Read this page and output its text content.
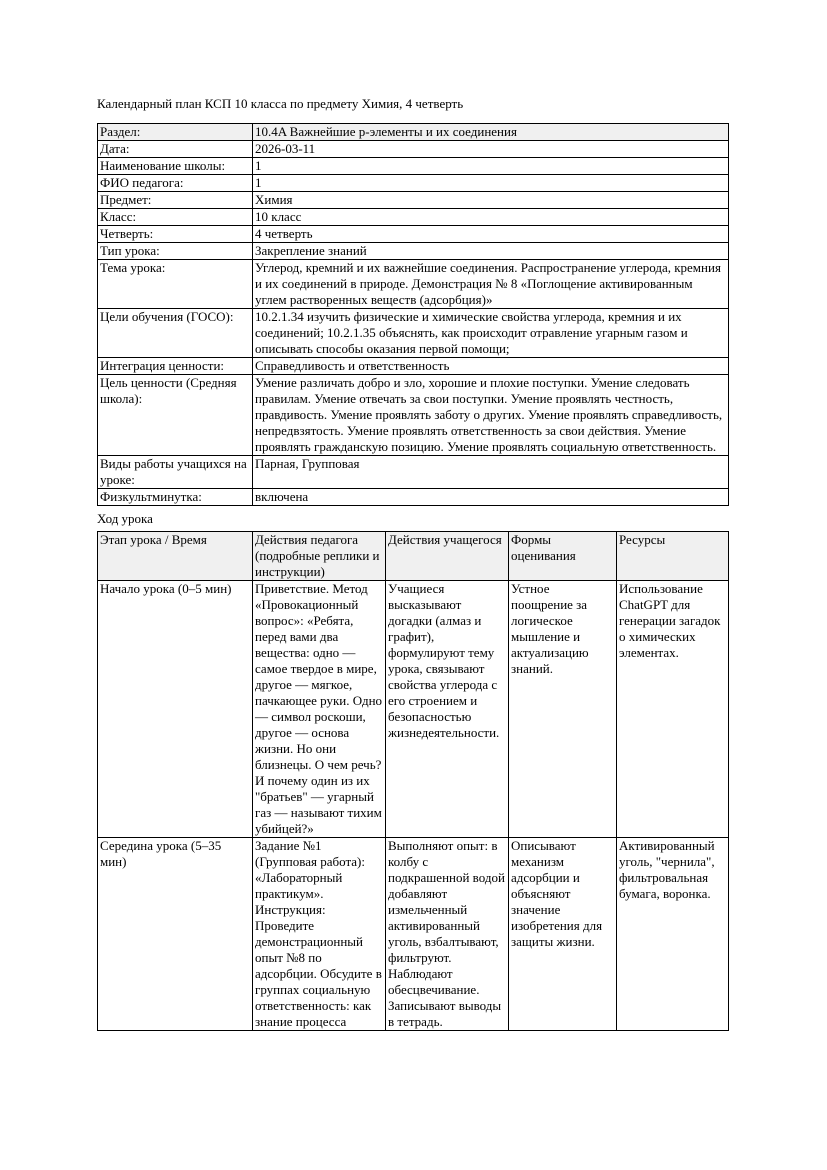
Календарный план КСП 10 класса по предмету Химия, 4 четверть
Раздел:	10.4A Важнейшие р-элементы и их соединения
Дата:	2026-03-11
Наименование школы:	1
ФИО педагога:	1
Предмет:	Химия
Класс:	10 класс
Четверть:	4 четверть
Тип урока:	Закрепление знаний
Тема урока:	Углерод, кремний и их важнейшие соединения. Распространение углерода, кремния и их соединений в природе. Демонстрация № 8 «Поглощение активированным углем растворенных веществ (адсорбция)»
Цели обучения (ГОСО):	10.2.1.34 изучить физические и химические свойства углерода, кремния и их соединений; 10.2.1.35 объяснять, как происходит отравление угарным газом и описывать способы оказания первой помощи;
Интеграция ценности:	Справедливость и ответственность
Цель ценности (Средняя школа):	Умение различать добро и зло, хорошие и плохие поступки. Умение следовать правилам. Умение отвечать за свои поступки. Умение проявлять честность, правдивость. Умение проявлять заботу о других. Умение проявлять справедливость, непредвзятость. Умение проявлять ответственность за свои действия. Умение проявлять гражданскую позицию. Умение проявлять социальную ответственность.
Виды работы учащихся на уроке:	Парная, Групповая
Физкультминутка:	включена
Ход урока
Этап урока / Время	Действия педагога (подробные реплики и инструкции)	Действия учащегося	Формы оценивания	Ресурсы
Начало урока (0–5 мин)	Приветствие. Метод «Провокационный вопрос»: «Ребята, перед вами два вещества: одно — самое твердое в мире, другое — мягкое, пачкающее руки. Одно — символ роскоши, другое — основа жизни. Но они близнецы. О чем речь? И почему один из их "братьев" — угарный газ — называют тихим убийцей?»	Учащиеся высказывают догадки (алмаз и графит), формулируют тему урока, связывают свойства углерода с его строением и безопасностью жизнедеятельности.	Устное поощрение за логическое мышление и актуализацию знаний.	Использование ChatGPT для генерации загадок о химических элементах.
Середина урока (5–35 мин)	Задание №1 (Групповая работа): «Лабораторный практикум». Инструкция: Проведите демонстрационный опыт №8 по адсорбции. Обсудите в группах социальную ответственность: как знание процесса	Выполняют опыт: в колбу с подкрашенной водой добавляют измельченный активированный уголь, взбалтывают, фильтруют. Наблюдают обесцвечивание. Записывают выводы в тетрадь.	Описывают механизм адсорбции и объясняют значение изобретения для защиты жизни.	Активированный уголь, "чернила", фильтровальная бумага, воронка.
